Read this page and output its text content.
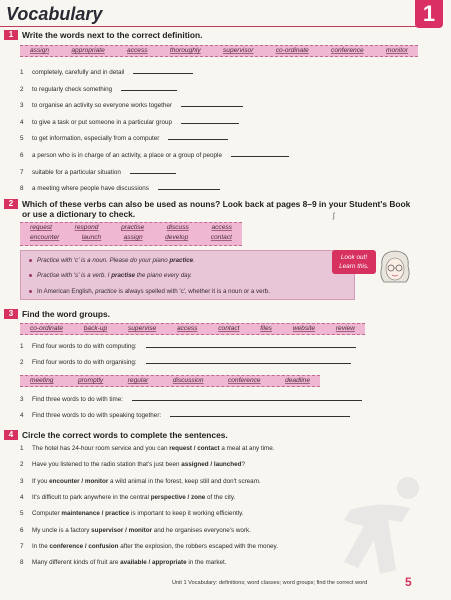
Vocabulary	1
1	Write the words next to the correct definition.
assign	appropriate	access	thoroughly	supervisor	co-ordinate	conference	monitor
1	completely, carefully and in detail
2	to regularly check something
3	to organise an activity so everyone works together
4	to give a task or put someone in a particular group
5	to get information, especially from a computer
6	a person who is in charge of an activity, a place or a group of people
7	suitable for a particular situation
8	a meeting where people have discussions
2	Which of these verbs can also be used as nouns? Look back at pages 8–9 in your Student's Book
or use a dictionary to check.	ʃ
request	respond	practise	discuss	access
encounter	launch	assign	develop	contact
Practice with 'c' is a noun. Please do your piano practice.
Practise with 's' is a verb. I practise the piano every day.
In American English, practice is always spelled with 'c', whether it is a noun or a verb.
Look out!
Learn this.
3	Find the word groups.
co-ordinate	back-up	supervise	access	contact	files	website	review
1	Find four words to do with computing:
2	Find four words to do with organising:
meeting	promptly	regular	discussion	conference	deadline
3	Find three words to do with time:
4	Find three words to do with speaking together:
4	Circle the correct words to complete the sentences.
1	The hotel has 24-hour room service and you can request / contact a meal at any time.
2	Have you listened to the radio station that's just been assigned / launched?
3	If you encounter / monitor a wild animal in the forest, keep still and don't scream.
4	It's difficult to park anywhere in the central perspective / zone of the city.
5	Computer maintenance / practice is important to keep it working efficiently.
6	My uncle is a factory supervisor / monitor and he organises everyone's work.
7	In the conference / confusion after the explosion, the robbers escaped with the money.
8	Many different kinds of fruit are available / appropriate in the market.
Unit 1 Vocabulary: definitions; word classes; word groups; find the correct word	5
